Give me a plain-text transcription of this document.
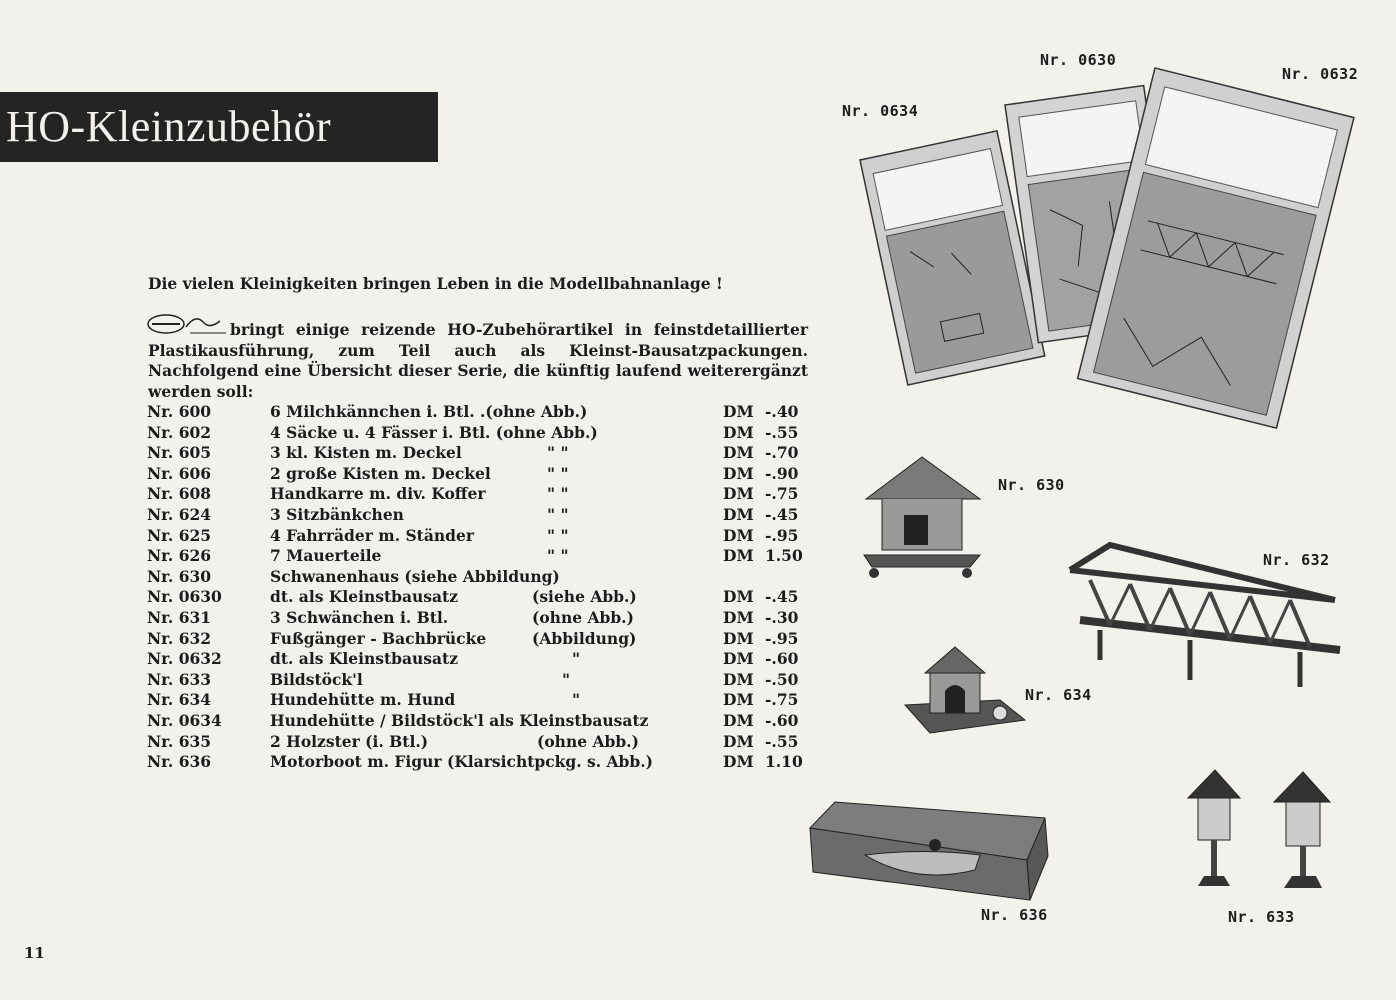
HO-Kleinzubehör
Die vielen Kleinigkeiten bringen Leben in die Modellbahnanlage !
bringt einige reizende HO-Zubehörartikel in feinstdetaillierter Plastikausführung, zum Teil auch als Kleinst-Bausatzpackungen. Nachfolgend eine Übersicht dieser Serie, die künftig laufend weiterergänzt werden soll:
Nr. 600	6 Milchkännchen i. Btl. .(ohne Abb.)	DM -.40
Nr. 602	4 Säcke u. 4 Fässer i. Btl. (ohne Abb.)	DM -.55
Nr. 605	3 kl. Kisten m. Deckel	" "	DM -.70
Nr. 606	2 große Kisten m. Deckel	" "	DM -.90
Nr. 608	Handkarre m. div. Koffer	" "	DM -.75
Nr. 624	3 Sitzbänkchen	" "	DM -.45
Nr. 625	4 Fahrräder m. Ständer	" "	DM -.95
Nr. 626	7 Mauerteile	" "	DM 1.50
Nr. 630	Schwanenhaus (siehe Abbildung)
Nr. 0630	dt. als Kleinstbausatz	(siehe Abb.)	DM -.45
Nr. 631	3 Schwänchen i. Btl.	(ohne Abb.)	DM -.30
Nr. 632	Fußgänger - Bachbrücke	(Abbildung)	DM -.95
Nr. 0632	dt. als Kleinstbausatz	"	DM -.60
Nr. 633	Bildstöck'l	"	DM -.50
Nr. 634	Hundehütte m. Hund	"	DM -.75
Nr. 0634	Hundehütte / Bildstöck'l als Kleinstbausatz	DM -.60
Nr. 635	2 Holzster (i. Btl.)	(ohne Abb.)	DM -.55
Nr. 636	Motorboot m. Figur (Klarsichtpckg. s. Abb.)	DM 1.10
Nr. 0634
Nr. 0630
Nr. 0632
Nr. 630
Nr. 632
Nr. 634
Nr. 636	Nr. 633
11
